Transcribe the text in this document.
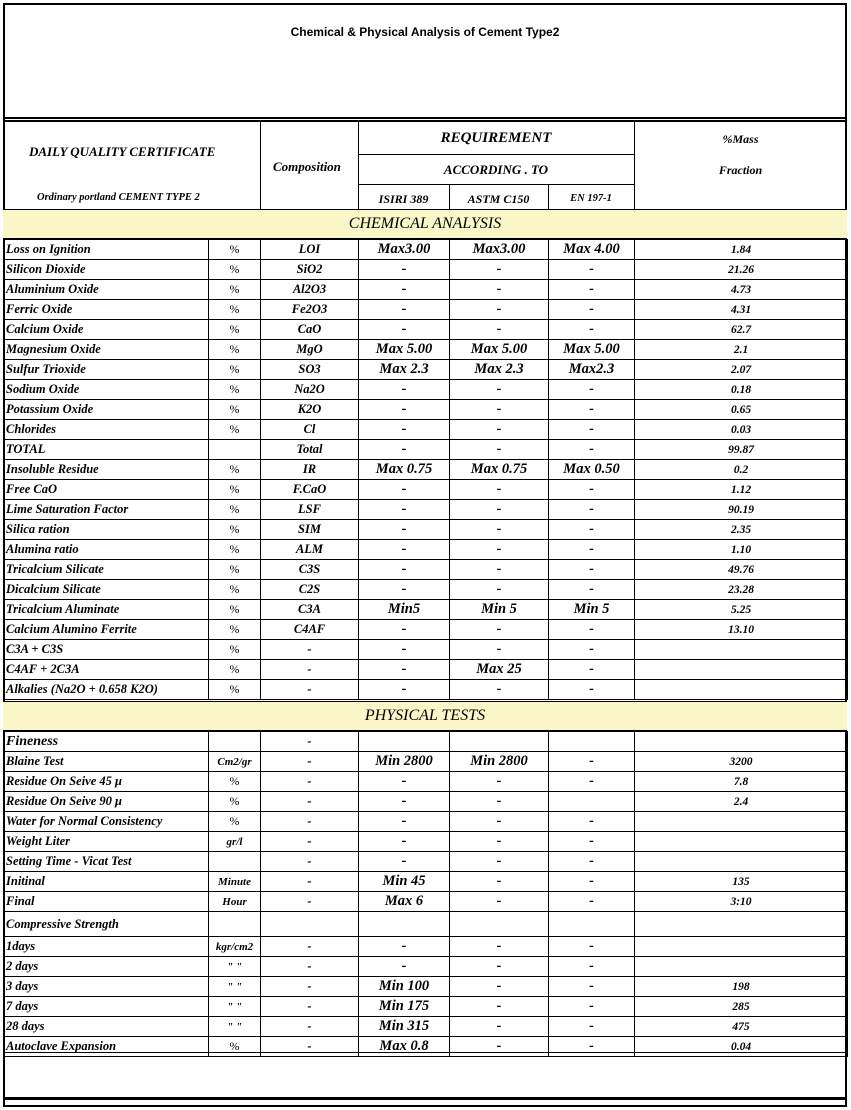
Chemical & Physical Analysis of Cement Type2
DAILY QUALITY CERTIFICATE
Ordinary portland CEMENT TYPE 2
Composition
REQUIREMENT
ACCORDING . TO
ISIRI 389	ASTM C150	EN 197-1
%Mass
Fraction
CHEMICAL ANALYSIS
Loss on Ignition	%	LOI	Max3.00	Max3.00	Max 4.00	1.84
Silicon Dioxide	%	SiO2	-	-	-	21.26
Aluminium Oxide	%	Al2O3	-	-	-	4.73
Ferric Oxide	%	Fe2O3	-	-	-	4.31
Calcium Oxide	%	CaO	-	-	-	62.7
Magnesium Oxide	%	MgO	Max 5.00	Max 5.00	Max 5.00	2.1
Sulfur Trioxide	%	SO3	Max 2.3	Max 2.3	Max2.3	2.07
Sodium Oxide	%	Na2O	-	-	-	0.18
Potassium Oxide	%	K2O	-	-	-	0.65
Chlorides	%	Cl	-	-	-	0.03
TOTAL		Total	-	-	-	99.87
Insoluble Residue	%	IR	Max 0.75	Max 0.75	Max 0.50	0.2
Free CaO	%	F.CaO	-	-	-	1.12
Lime Saturation Factor	%	LSF	-	-	-	90.19
Silica ration	%	SIM	-	-	-	2.35
Alumina ratio	%	ALM	-	-	-	1.10
Tricalcium Silicate	%	C3S	-	-	-	49.76
Dicalcium Silicate	%	C2S	-	-	-	23.28
Tricalcium Aluminate	%	C3A	Min5	Min 5	Min 5	5.25
Calcium Alumino Ferrite	%	C4AF	-	-	-	13.10
C3A + C3S	%	-	-	-	-	
C4AF + 2C3A	%	-	-	Max 25	-	
Alkalies (Na2O + 0.658 K2O)	%	-	-	-	-	
PHYSICAL TESTS
Fineness		-				
Blaine Test	Cm2/gr	-	Min 2800	Min 2800	-	3200
Residue On Seive 45 μ	%	-	-	-	-	7.8
Residue On Seive 90 μ	%	-	-	-		2.4
Water for Normal Consistency	%	-	-	-	-	
Weight Liter	gr/l	-	-	-	-	
Setting Time - Vicat Test		-	-	-	-	
Initinal	Minute	-	Min 45	-	-	135
Final	Hour	-	Max 6	-	-	3:10
Compressive Strength						
1days	kgr/cm2	-	-	-	-	
2 days	" "	-	-	-	-	
3 days	" "	-	Min 100	-	-	198
7 days	" "	-	Min 175	-	-	285
28 days	" "	-	Min 315	-	-	475
Autoclave Expansion	%	-	Max 0.8	-	-	0.04
